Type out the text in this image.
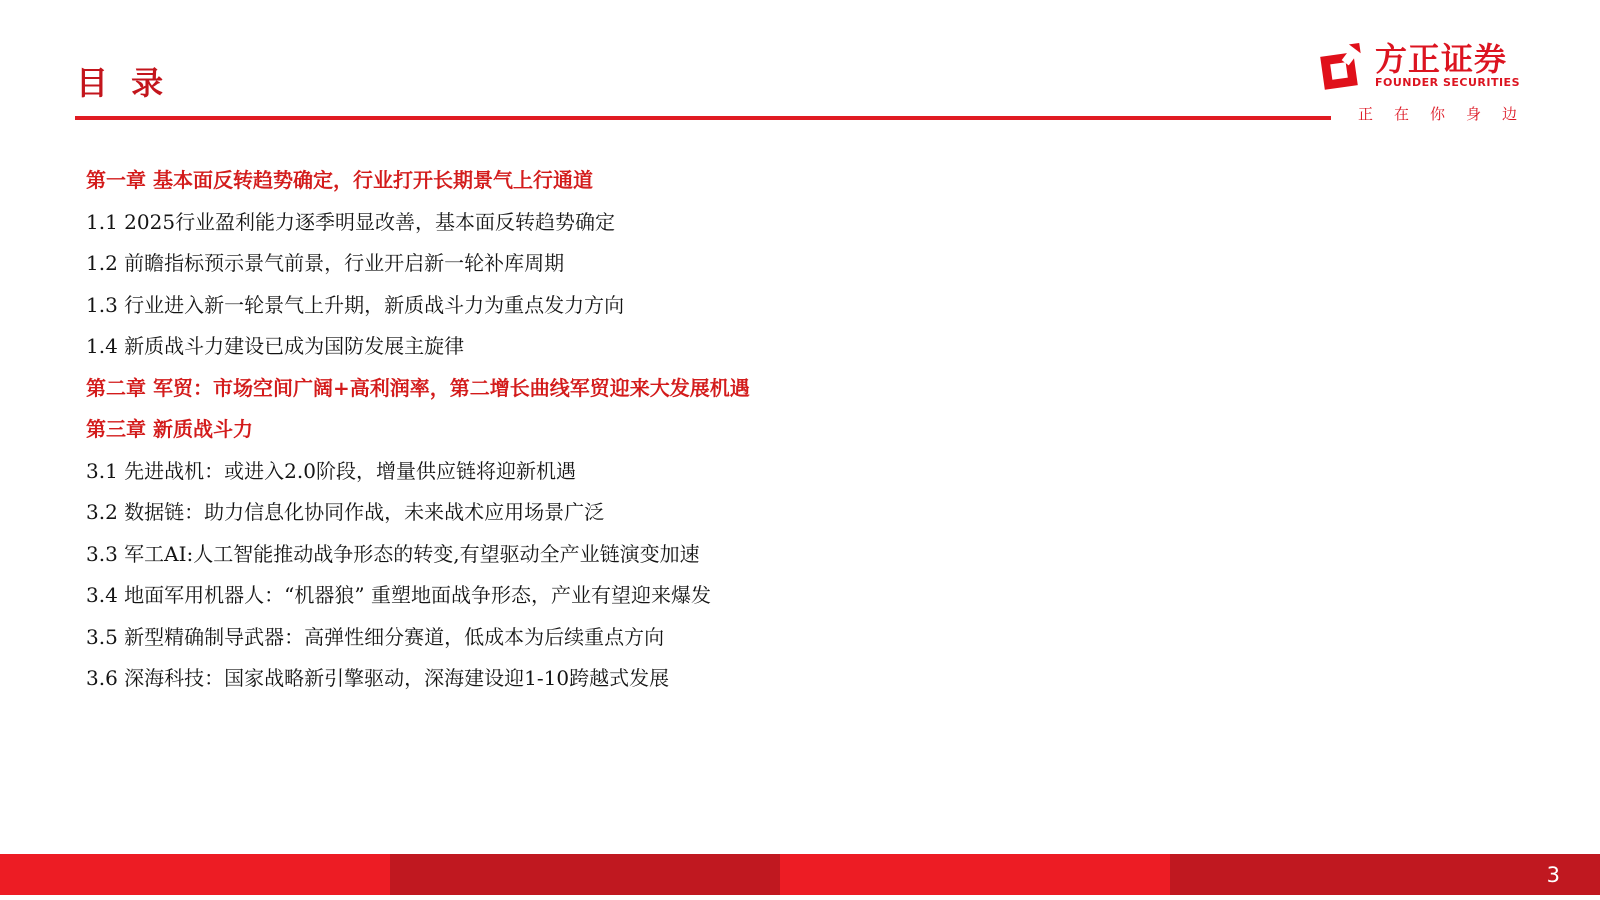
目 录
方正证券
FOUNDER SECURITIES
正　在　你　身　边
第一章 基本面反转趋势确定，行业打开长期景气上行通道
1.1 2025行业盈利能力逐季明显改善，基本面反转趋势确定
1.2 前瞻指标预示景气前景，行业开启新一轮补库周期
1.3 行业进入新一轮景气上升期，新质战斗力为重点发力方向
1.4 新质战斗力建设已成为国防发展主旋律
第二章 军贸：市场空间广阔+高利润率，第二增长曲线军贸迎来大发展机遇
第三章 新质战斗力
3.1 先进战机：或进入2.0阶段，增量供应链将迎新机遇
3.2 数据链：助力信息化协同作战，未来战术应用场景广泛
3.3 军工AI:人工智能推动战争形态的转变,有望驱动全产业链演变加速
3.4 地面军用机器人：“机器狼” 重塑地面战争形态，产业有望迎来爆发
3.5 新型精确制导武器：高弹性细分赛道，低成本为后续重点方向
3.6 深海科技：国家战略新引擎驱动，深海建设迎1-10跨越式发展
3
